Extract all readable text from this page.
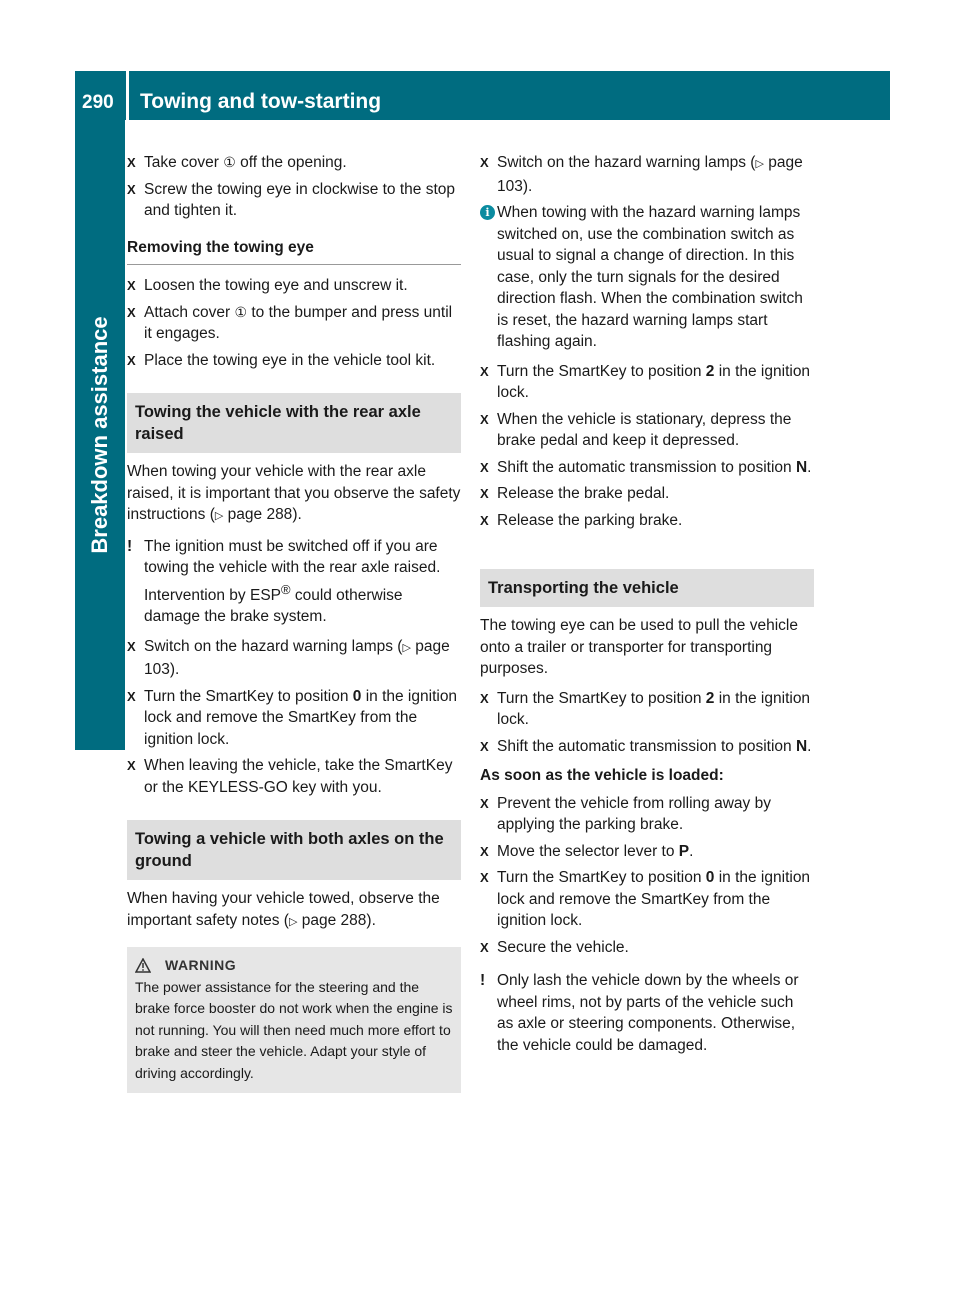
290 Towing and tow-starting
Breakdown assistance
X Take cover ① off the opening.
X Screw the towing eye in clockwise to the stop and tighten it.
Removing the towing eye
X Loosen the towing eye and unscrew it.
X Attach cover ① to the bumper and press until it engages.
X Place the towing eye in the vehicle tool kit.
Towing the vehicle with the rear axle raised
When towing your vehicle with the rear axle raised, it is important that you observe the safety instructions (▷ page 288).
! The ignition must be switched off if you are towing the vehicle with the rear axle raised. Intervention by ESP® could otherwise damage the brake system.
X Switch on the hazard warning lamps (▷ page 103).
X Turn the SmartKey to position 0 in the ignition lock and remove the SmartKey from the ignition lock.
X When leaving the vehicle, take the SmartKey or the KEYLESS-GO key with you.
Towing a vehicle with both axles on the ground
When having your vehicle towed, observe the important safety notes (▷ page 288).
WARNING
The power assistance for the steering and the brake force booster do not work when the engine is not running. You will then need much more effort to brake and steer the vehicle. Adapt your style of driving accordingly.
X Switch on the hazard warning lamps (▷ page 103).
i When towing with the hazard warning lamps switched on, use the combination switch as usual to signal a change of direction. In this case, only the turn signals for the desired direction flash. When the combination switch is reset, the hazard warning lamps start flashing again.
X Turn the SmartKey to position 2 in the ignition lock.
X When the vehicle is stationary, depress the brake pedal and keep it depressed.
X Shift the automatic transmission to position N.
X Release the brake pedal.
X Release the parking brake.
Transporting the vehicle
The towing eye can be used to pull the vehicle onto a trailer or transporter for transporting purposes.
X Turn the SmartKey to position 2 in the ignition lock.
X Shift the automatic transmission to position N.
As soon as the vehicle is loaded:
X Prevent the vehicle from rolling away by applying the parking brake.
X Move the selector lever to P.
X Turn the SmartKey to position 0 in the ignition lock and remove the SmartKey from the ignition lock.
X Secure the vehicle.
! Only lash the vehicle down by the wheels or wheel rims, not by parts of the vehicle such as axle or steering components. Otherwise, the vehicle could be damaged.
